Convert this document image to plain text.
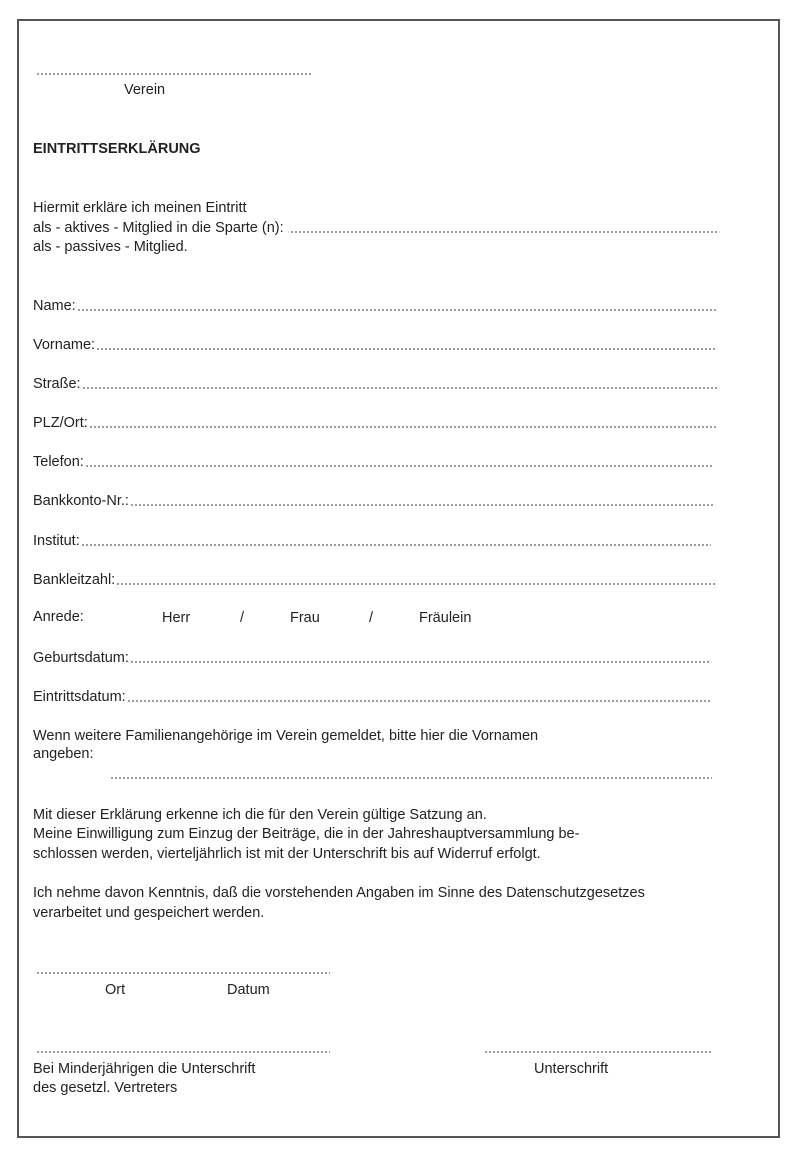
Verein
EINTRITTSERKLÄRUNG
Hiermit erkläre ich meinen Eintritt
als - aktives - Mitglied in die Sparte (n):
als - passives - Mitglied.
Name:
Vorname:
Straße:
PLZ/Ort:
Telefon:
Bankkonto-Nr.:
Institut:
Bankleitzahl:
Anrede:	Herr	/	Frau	/	Fräulein
Geburtsdatum:
Eintrittsdatum:
Wenn weitere Familienangehörige im Verein gemeldet, bitte hier die Vornamen
angeben:
Mit dieser Erklärung erkenne ich die für den Verein gültige Satzung an.
Meine Einwilligung zum Einzug der Beiträge, die in der Jahreshauptversammlung be-
schlossen werden, vierteljährlich ist mit der Unterschrift bis auf Widerruf erfolgt.
Ich nehme davon Kenntnis, daß die vorstehenden Angaben im Sinne des Datenschutzgesetzes
verarbeitet und gespeichert werden.
Ort	Datum
Bei Minderjährigen die Unterschrift
des gesetzl. Vertreters
Unterschrift
